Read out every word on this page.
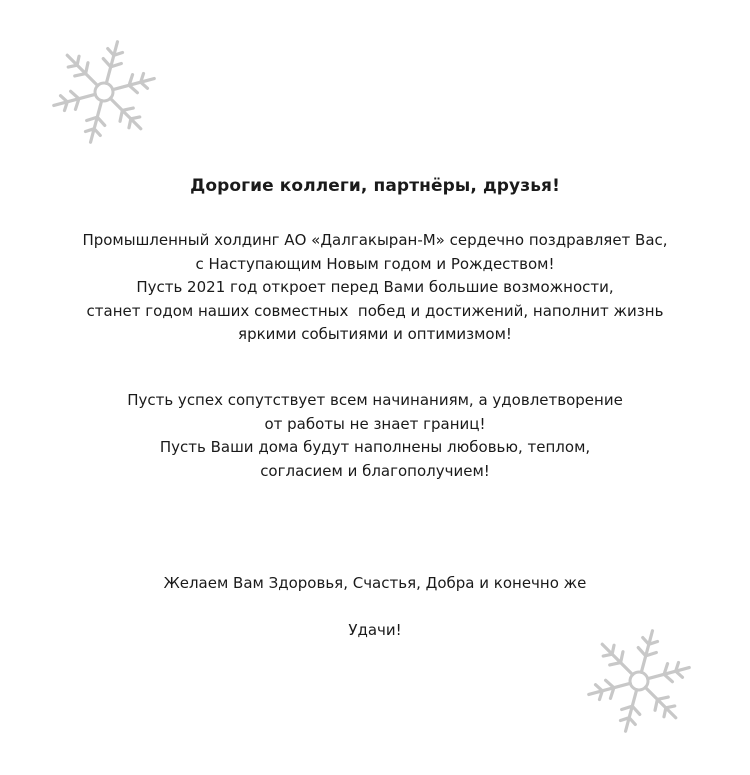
Дорогие коллеги, партнёры, друзья!

Промышленный холдинг АО «Далгакыран-М» сердечно поздравляет Вас,
с Наступающим Новым годом и Рождеством!
Пусть 2021 год откроет перед Вами большие возможности,
станет годом наших совместных  побед и достижений, наполнит жизнь
яркими событиями и оптимизмом!

Пусть успех сопутствует всем начинаниям, а удовлетворение
от работы не знает границ!
Пусть Ваши дома будут наполнены любовью, теплом,
согласием и благополучием!

Желаем Вам Здоровья, Счастья, Добра и конечно же

Удачи!
